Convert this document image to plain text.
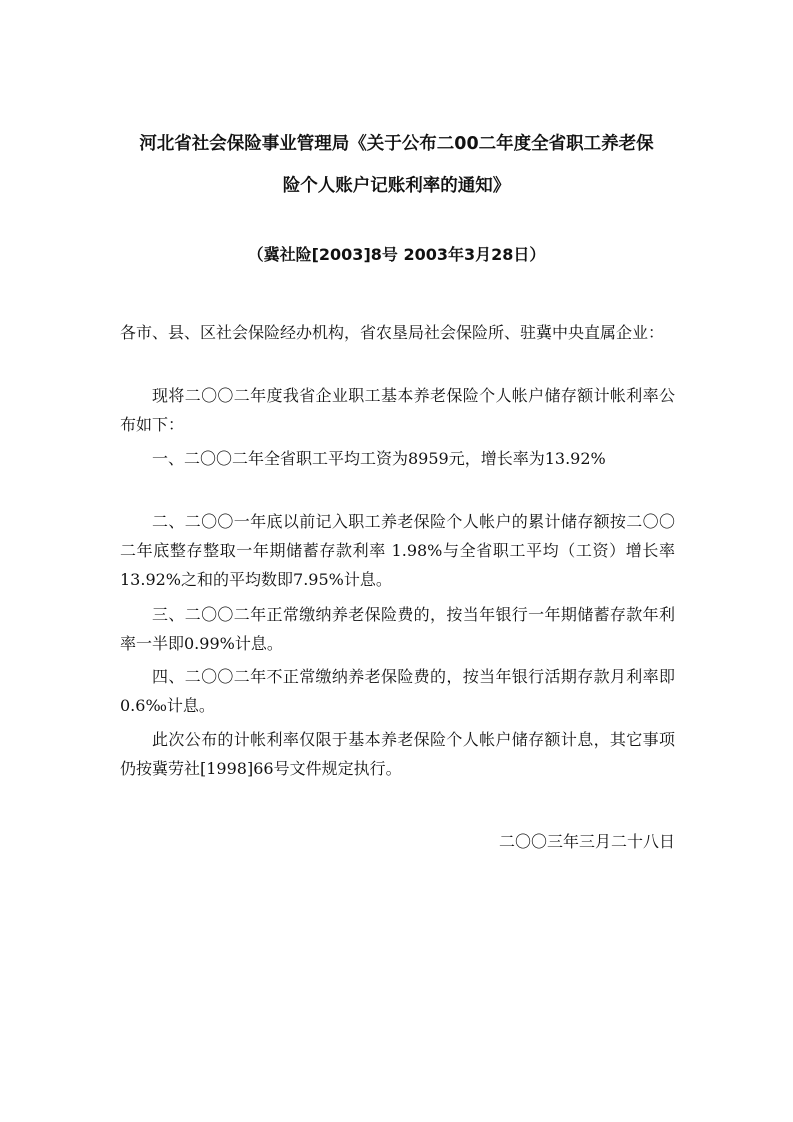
河北省社会保险事业管理局《关于公布二00二年度全省职工养老保
险个人账户记账利率的通知》
（冀社险[2003]8号 2003年3月28日）

各市、县、区社会保险经办机构，省农垦局社会保险所、驻冀中央直属企业：

现将二〇〇二年度我省企业职工基本养老保险个人帐户储存额计帐利率公布如下：

一、二〇〇二年全省职工平均工资为8959元，增长率为13.92%

二、二〇〇一年底以前记入职工养老保险个人帐户的累计储存额按二〇〇二年底整存整取一年期储蓄存款利率 1.98%与全省职工平均（工资）增长率13.92%之和的平均数即7.95%计息。

三、二〇〇二年正常缴纳养老保险费的，按当年银行一年期储蓄存款年利率一半即0.99%计息。

四、二〇〇二年不正常缴纳养老保险费的，按当年银行活期存款月利率即0.6‰计息。

此次公布的计帐利率仅限于基本养老保险个人帐户储存额计息，其它事项仍按冀劳社[1998]66号文件规定执行。

二〇〇三年三月二十八日
